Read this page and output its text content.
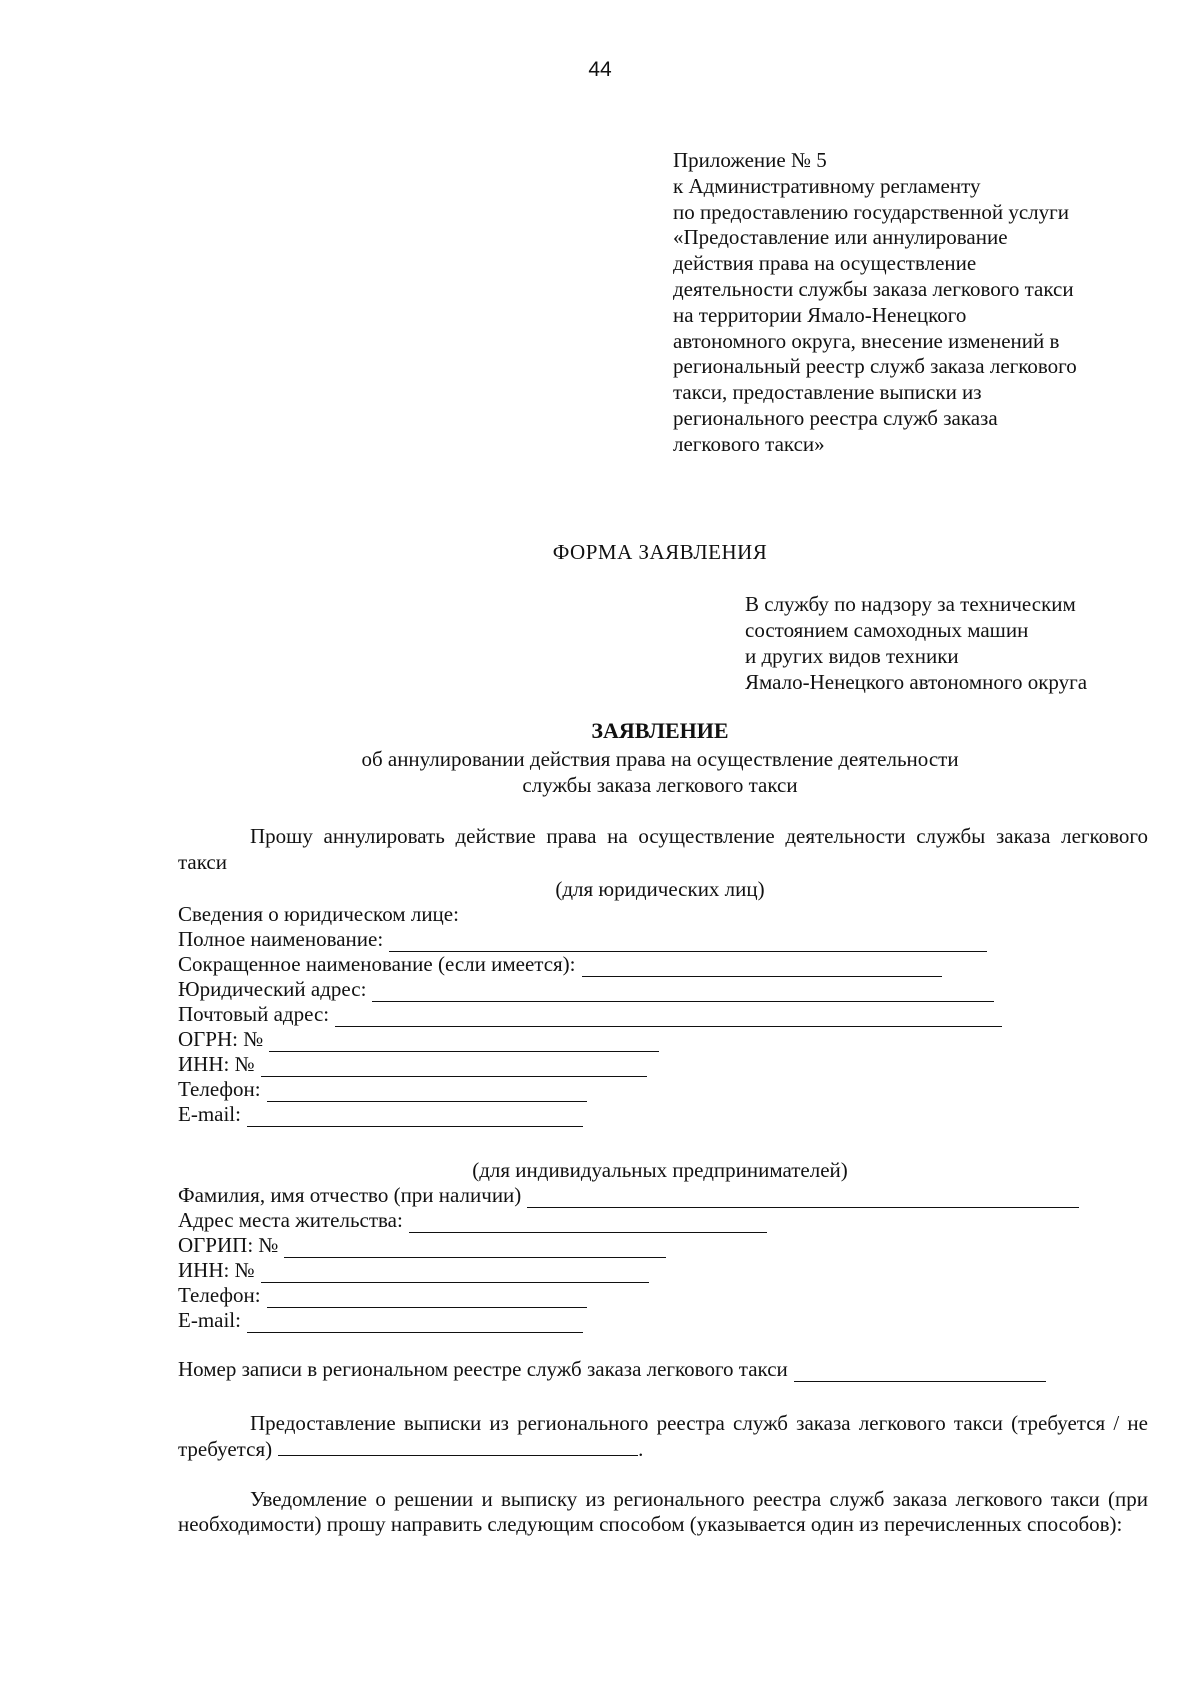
44
Приложение № 5
к Административному регламенту
по предоставлению государственной услуги
«Предоставление или аннулирование
действия права на осуществление
деятельности службы заказа легкового такси
на территории Ямало-Ненецкого
автономного округа, внесение изменений в
региональный реестр служб заказа легкового
такси, предоставление выписки из
регионального реестра служб заказа
легкового такси»
ФОРМА ЗАЯВЛЕНИЯ
В службу по надзору за техническим
состоянием самоходных машин
и других видов техники
Ямало-Ненецкого автономного округа
ЗАЯВЛЕНИЕ
об аннулировании действия права на осуществление деятельности
службы заказа легкового такси
Прошу аннулировать действие права на осуществление деятельности службы заказа легкового такси
(для юридических лиц)
Сведения о юридическом лице:
Полное наименование:
Сокращенное наименование (если имеется):
Юридический адрес:
Почтовый адрес:
ОГРН: №
ИНН: №
Телефон:
E-mail:
(для индивидуальных предпринимателей)
Фамилия, имя отчество (при наличии)
Адрес места жительства:
ОГРИП: №
ИНН: №
Телефон:
E-mail:
Номер записи в региональном реестре служб заказа легкового такси
Предоставление выписки из регионального реестра служб заказа легкового такси (требуется / не требуется)	.
Уведомление о решении и выписку из регионального реестра служб заказа легкового такси (при необходимости) прошу направить следующим способом (указывается один из перечисленных способов):
